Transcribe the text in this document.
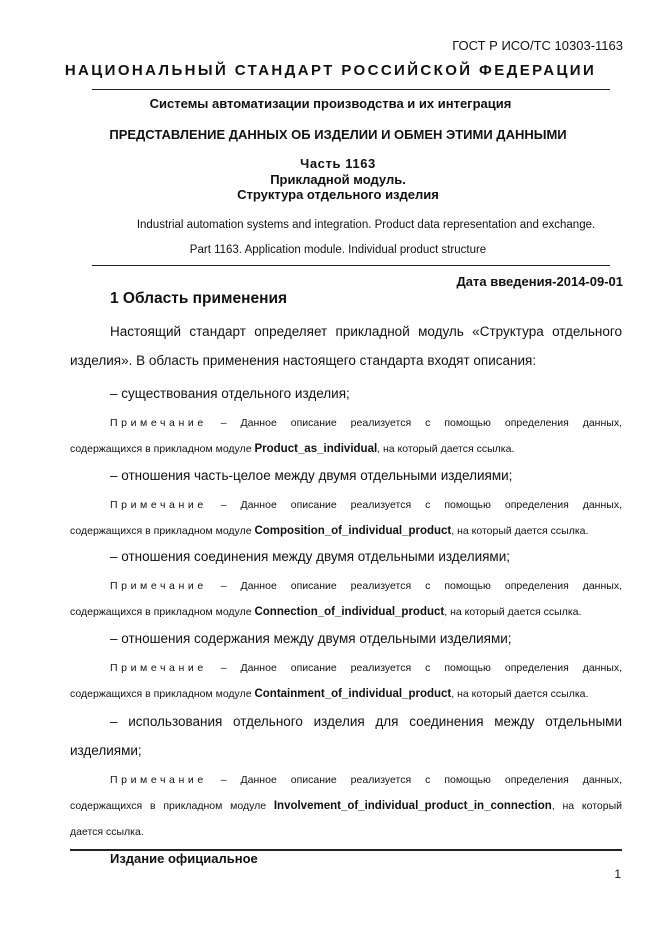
ГОСТ Р ИСО/ТС 10303-1163
НАЦИОНАЛЬНЫЙ СТАНДАРТ РОССИЙСКОЙ ФЕДЕРАЦИИ
Системы автоматизации производства и их интеграция
ПРЕДСТАВЛЕНИЕ ДАННЫХ ОБ ИЗДЕЛИИ И ОБМЕН ЭТИМИ ДАННЫМИ
Часть 1163
Прикладной модуль.
Структура отдельного изделия
Industrial automation systems and integration. Product data representation and exchange.
Part 1163. Application module. Individual product structure
Дата введения-2014-09-01
1 Область применения
Настоящий стандарт определяет прикладной модуль «Структура отдельного
изделия». В область применения настоящего стандарта входят описания:
– существования отдельного изделия;
Примечание – Данное описание реализуется с помощью определения данных,
содержащихся в прикладном модуле Product_as_individual, на который дается ссылка.
– отношения часть-целое между двумя отдельными изделиями;
Примечание – Данное описание реализуется с помощью определения данных,
содержащихся в прикладном модуле Composition_of_individual_product, на который дается ссылка.
– отношения соединения между двумя отдельными изделиями;
Примечание – Данное описание реализуется с помощью определения данных,
содержащихся в прикладном модуле Connection_of_individual_product, на который дается ссылка.
– отношения содержания между двумя отдельными изделиями;
Примечание – Данное описание реализуется с помощью определения данных,
содержащихся в прикладном модуле Containment_of_individual_product, на который дается ссылка.
– использования отдельного изделия для соединения между отдельными
изделиями;
Примечание – Данное описание реализуется с помощью определения данных,
содержащихся в прикладном модуле Involvement_of_individual_product_in_connection, на который
дается ссылка.
Издание официальное
1
